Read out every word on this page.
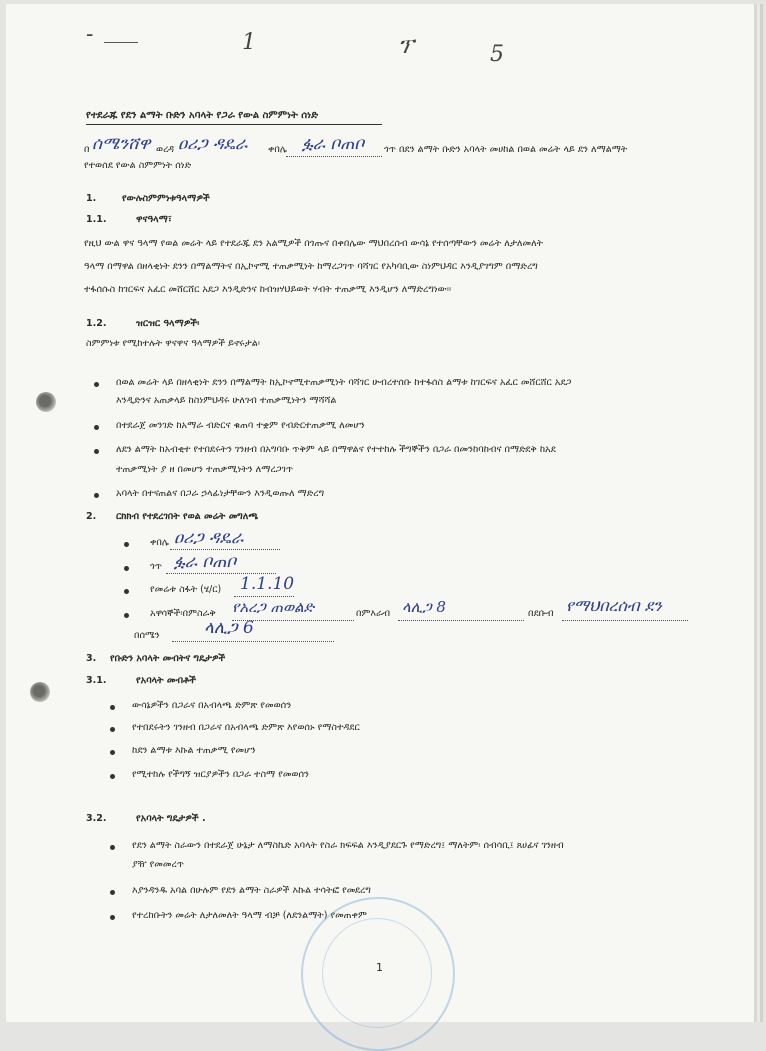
-	1	ፕ	5
የተደራጁ የደን ልማት ቡድን አባላት የጋራ የውል ስምምነት ሰነድ
በ ሰሜንሸዋ ወረዳ ዐሪጋ ዳዴራ ቀበሌ ፏራ ቦጠቦ ጎጥ በደን ልማት ቡድን አባላት መሀከል በወል መሬት ላይ ደን ለማልማት
የተወሰደ የውል ስምምነት ሰነድ
1.	የውሉስምምነቱዓላማዎች
1.1.	ዋናዓላማ፣
የዚህ ውል ዋና ዓላማ የወል መሬት ላይ የተደራጁ ደን አልሚዎች በጎጡና በቀበሌው ማህበረሰብ ውሳኔ የተሰጣቸውን መሬት ለታለመለት
ዓላማ በማዋል በዘላቂነት ደንን በማልማትና በኢኮኖሚ ተጠቃሚነት ከማረጋገጥ ባሻገር የአካባቢው ስነምህዳር እንዲያገግም በማድረግ
ተፋሰሱስ ከገርፍና አፈር መሸርሸር አደጋ እንዲድንና ከብዝሃህይወት ሃብት ተጠቃሚ እንዲሆን ለማድረግነው፡፡
1.2.	ዝርዝር ዓላማዎች፡
ስምምነቱ የሚከተሉት ዋናዋና ዓላማዎች ይኖሩታል፡
በወል መሬት ላይ በዘላቂነት ደንን በማልማት ከኢኮኖሚተጠቃሚነት ባሻገር ሁብረተሰቡ ከተፋሰስ ልማቱ ከገርፍና አፈር መሸርሸር አደጋ
እንዲድንና አጠቃላይ ከስነምህዳሩ ሁለገብ ተጠቃሚነትን ማሻሻል
በተደራጀ መንገድ ከአማራ ብድርና ቁጠባ ተቋም የብድርተጠቃሚ ለመሆን
ለደን ልማት ከአብቂተ የተበደሩትን ገንዘብ በአግባቡ ጥቅም ላይ በማዋልና የተተከሉ ችግኞችን በጋራ በመንከባከብና በማድደቅ ከአደ
ተጠቃሚነት ያ ዘ በመሆን ተጠቃሚነትን ለማረጋገጥ
አባላት በተናጠልና በጋራ ኃላፊነታቸውን እንዲወጡለ ማድረግ
2. ርክክብ የተደረገበት የወል መሬት መግለጫ
ቀበሌ ዐሪጋ ዳዴራ
ጎጥ ፏራ ቦጠቦ
የመሬቱ ስፋት (ሄ/ር) 1.1.10
አዋሳኞች፡በምስራቅ የአረጋ ጠወልድ	በምእራብ ላሊጋ 8	በደቡብ የማህበረሰብ ደን
በሰሜን	ላሊጋ 6
3. የቡድን አባላት መብትና ግዴታዎች
3.1.	የአባላት መብቶች
ውሳኔዎችን በጋራና በአብላጫ ድምጽ የመወሰን
የተበደሩትን ገንዘብ በጋራና በአብላጫ ድምጽ እየወሰኑ የማስተዳደር
ከደን ልማቱ እኩል ተጠቃሚ የመሆን
የሚተከሉ የችግኝ ዝርያዎችን በጋራ ተስማ የመወሰን
3.2.	የአባላት ግዴታዎች .
የደን ልማት ስራውን በተደራጀ ሁኔታ ለማስኬድ አባላት የስራ ክፍፍል እንዲያደርጉ የማድረግ፤ ማለትም፡ ሰብሳቢ፤ ጸሀፊና ገንዘብ
ያዥ የመመረጥ
እያንዳንዱ አባል በሁሉም የደን ልማት ስራዎች እኩል ተሳትፎ የመደረግ
የተረከቡትን መሬት ለታለመለት ዓላማ ብቻ (ለደንልማት) የመጠቀም
1
